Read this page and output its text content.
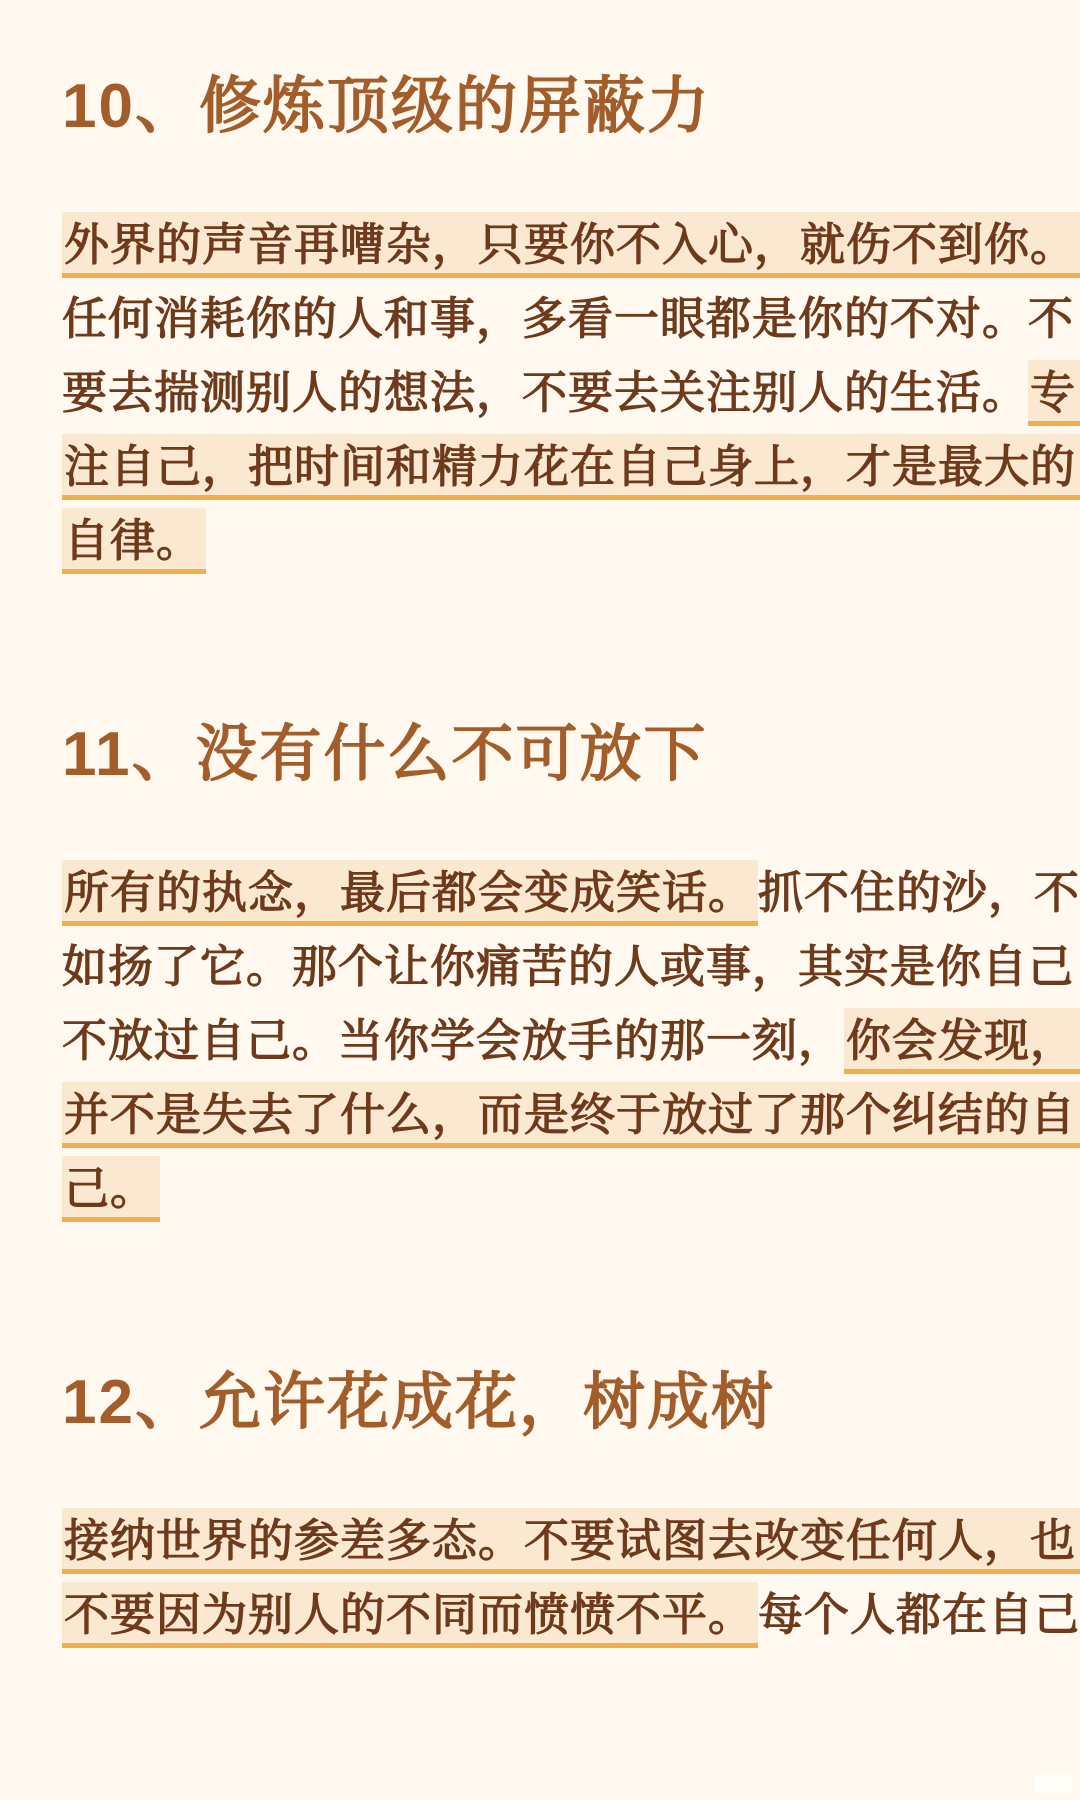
10、修炼顶级的屏蔽力
外界的声音再嘈杂，只要你不入心，就伤不到你。
任何消耗你的人和事，多看一眼都是你的不对。不
要去揣测别人的想法，不要去关注别人的生活。专
注自己，把时间和精力花在自己身上，才是最大的
自律。
11、没有什么不可放下
所有的执念，最后都会变成笑话。抓不住的沙，不
如扬了它。那个让你痛苦的人或事，其实是你自己
不放过自己。当你学会放手的那一刻，你会发现，
并不是失去了什么，而是终于放过了那个纠结的自
己。
12、允许花成花，树成树
接纳世界的参差多态。不要试图去改变任何人，也
不要因为别人的不同而愤愤不平。每个人都在自己
